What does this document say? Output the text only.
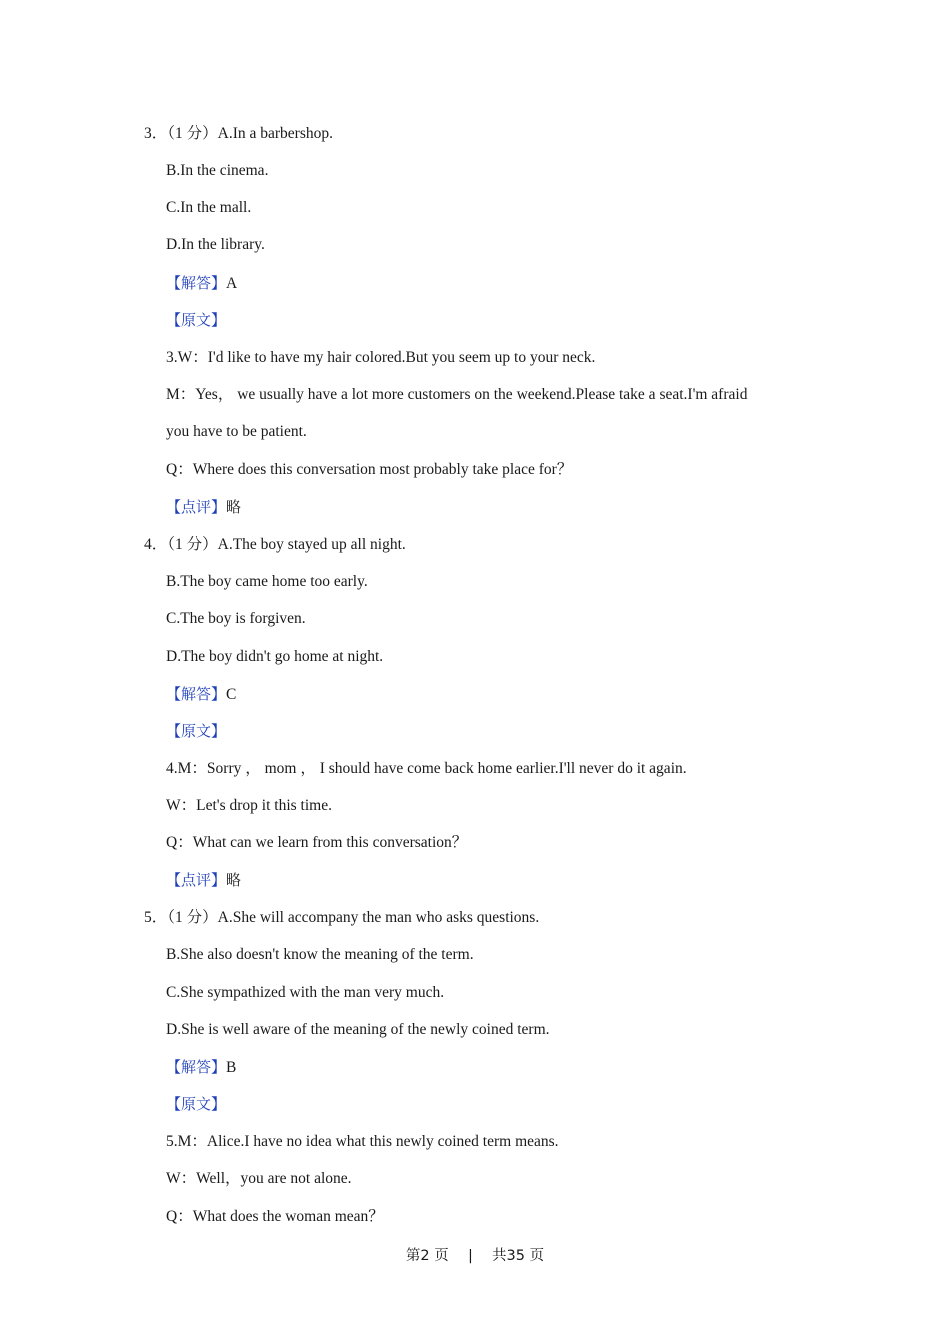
3．（1 分）A.In a barbershop.
B.In the cinema.
C.In the mall.
D.In the library.
【解答】A
【原文】
3.W：I'd like to have my hair colored.But you seem up to your neck.
M：Yes， we usually have a lot more customers on the weekend.Please take a seat.I'm afraid
you have to be patient.
Q：Where does this conversation most probably take place for？
【点评】略
4．（1 分）A.The boy stayed up all night.
B.The boy came home too early.
C.The boy is forgiven.
D.The boy didn't go home at night.
【解答】C
【原文】
4.M：Sorry ， mom ， I should have come back home earlier.I'll never do it again.
W：Let's drop it this time.
Q：What can we learn from this conversation？
【点评】略
5．（1 分）A.She will accompany the man who asks questions.
B.She also doesn't know the meaning of the term.
C.She sympathized with the man very much.
D.She is well aware of the meaning of the newly coined term.
【解答】B
【原文】
5.M：Alice.I have no idea what this newly coined term means.
W：Well，you are not alone.
Q：What does the woman mean？
第2 页 | 共35 页
